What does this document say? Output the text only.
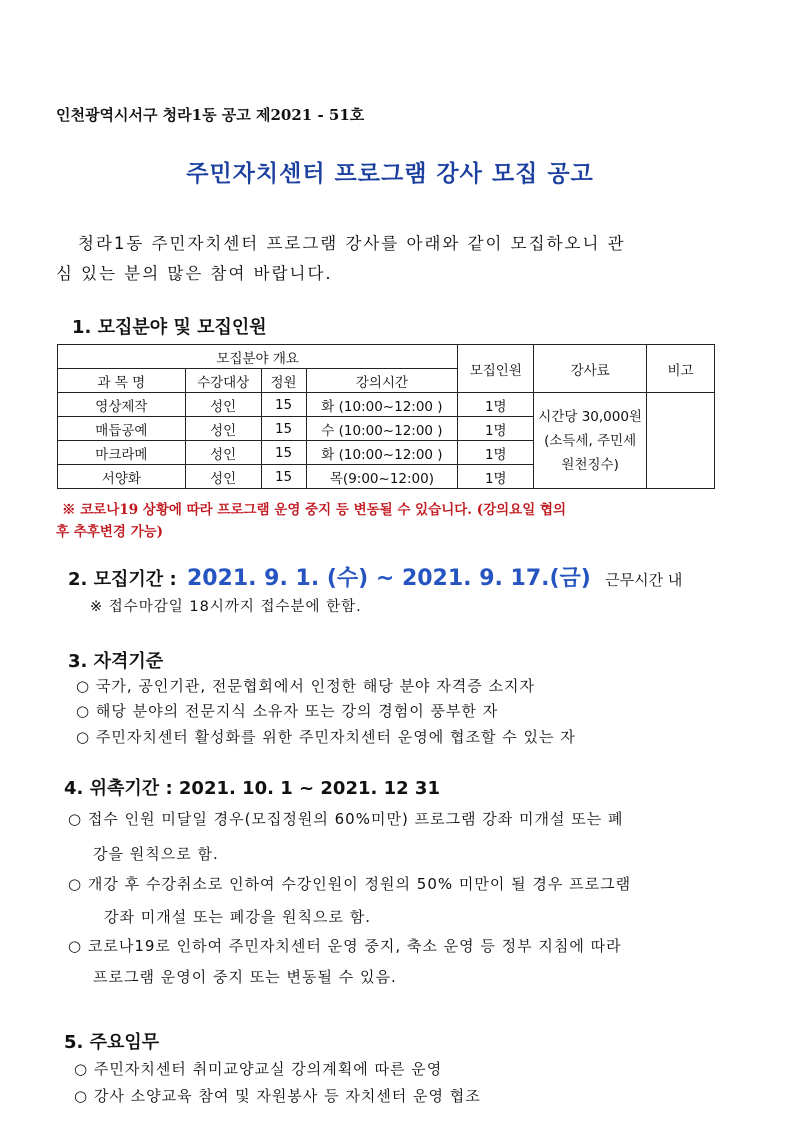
인천광역시서구 청라1동 공고 제2021 - 51호
주민자치센터 프로그램 강사 모집 공고
청라1동 주민자치센터 프로그램 강사를 아래와 같이 모집하오니 관
심 있는 분의 많은 참여 바랍니다.
1. 모집분야 및 모집인원
모집분야 개요				모집인원	강사료	비고
과 목 명	수강대상	정원	강의시간			
영상제작	성인	15	화 (10:00~12:00 )	1명	시간당 30,000원
(소득세, 주민세
원천징수)	

매듭공예	성인	15	수 (10:00~12:00 )	1명		
마크라메	성인	15	화 (10:00~12:00 )	1명		
서양화	성인	15	목(9:00~12:00)	1명		
※ 코로나19 상황에 따라 프로그램 운영 중지 등 변동될 수 있습니다. (강의요일 협의
후 추후변경 가능)
2. 모집기간 : 2021. 9. 1. (수) ~ 2021. 9. 17.(금) 근무시간 내
※ 접수마감일 18시까지 접수분에 한함.
3. 자격기준
○ 국가, 공인기관, 전문협회에서 인정한 해당 분야 자격증 소지자
○ 해당 분야의 전문지식 소유자 또는 강의 경험이 풍부한 자
○ 주민자치센터 활성화를 위한 주민자치센터 운영에 협조할 수 있는 자
4. 위촉기간 : 2021. 10. 1 ~ 2021. 12 31
○ 접수 인원 미달일 경우(모집정원의 60%미만) 프로그램 강좌 미개설 또는 폐
강을 원칙으로 함.
○ 개강 후 수강취소로 인하여 수강인원이 정원의 50% 미만이 될 경우 프로그램
강좌 미개설 또는 폐강을 원칙으로 함.
○ 코로나19로 인하여 주민자치센터 운영 중지, 축소 운영 등 정부 지침에 따라
프로그램 운영이 중지 또는 변동될 수 있음.
5. 주요임무
○ 주민자치센터 취미교양교실 강의계획에 따른 운영
○ 강사 소양교육 참여 및 자원봉사 등 자치센터 운영 협조
